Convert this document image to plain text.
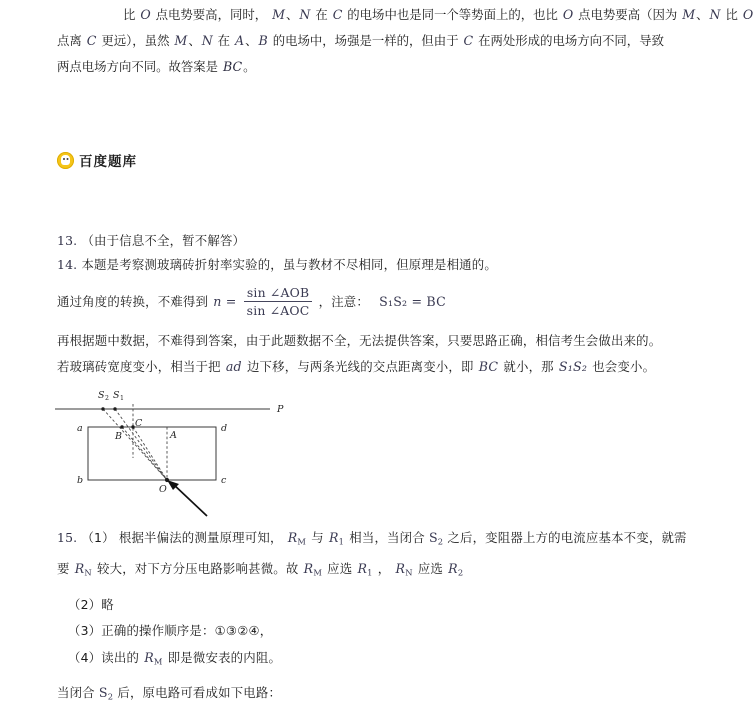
比 O 点电势要高，同时， M、N 在 C 的电场中也是同一个等势面上的，也比 O 点电势要高（因为 M、N 比 O
点离 C 更远），虽然 M、N 在 A、B 的电场中，场强是一样的，但由于 C 在两处形成的电场方向不同，导致
两点电场方向不同。故答案是 BC。
百度题库
13. （由于信息不全，暂不解答）
14. 本题是考察测玻璃砖折射率实验的，虽与教材不尽相同，但原理是相通的。
通过角度的转换，不难得到 $n = \frac{\text{sin ∠AOB}}{\text{sin ∠AOC}}$ ，注意： S₁S₂ = BC
再根据题中数据，不难得到答案，由于此题数据不全，无法提供答案，只要思路正确，相信考生会做出来的。
若玻璃砖宽度变小，相当于把 ad 边下移，与两条光线的交点距离变小，即 BC 就小，那 S₁S₂ 也会变小。
S 2 S 1
P
a	d
b	c
B
C
A
O
15. （1） 根据半偏法的测量原理可知， $R_M$ 与 $R_1$ 相当，当闭合 $S_2$ 之后，变阻器上方的电流应基本不变，就需
要 $R_N$ 较大，对下方分压电路影响甚微。故 $R_M$ 应选 $R_1$ ， $R_N$ 应选 $R_2$
（2）略
（3）正确的操作顺序是：①③②④，
（4）读出的 $R_M$ 即是微安表的内阻。
当闭合 $S_2$ 后，原电路可看成如下电路：
